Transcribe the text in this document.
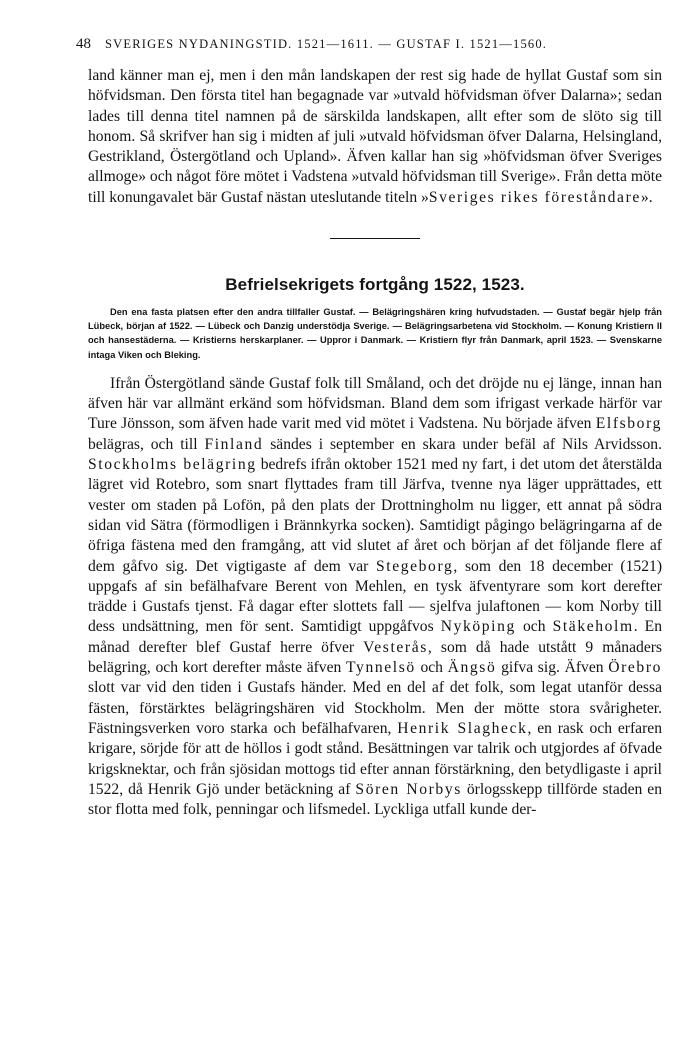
48 SVERIGES NYDANINGSTID. 1521—1611. — GUSTAF I. 1521—1560.

land känner man ej, men i den mån landskapen der rest sig hade de hyllat Gustaf som sin höfvidsman. Den första titel han begagnade var »utvald höfvidsman öfver Dalarna»; sedan lades till denna titel namnen på de särskilda landskapen, allt efter som de slöto sig till honom. Så skrifver han sig i midten af juli »utvald höfvidsman öfver Dalarna, Helsingland, Gestrikland, Östergötland och Upland». Äfven kallar han sig »höfvidsman öfver Sveriges allmoge» och något före mötet i Vadstena »utvald höfvidsman till Sverige». Från detta möte till konungavalet bär Gustaf nästan uteslutande titeln »Sveriges rikes föreståndare».

Befrielsekrigets fortgång 1522, 1523.

Den ena fasta platsen efter den andra tillfaller Gustaf. — Belägringshären kring hufvudstaden. — Gustaf begär hjelp från Lübeck, början af 1522. — Lübeck och Danzig understödja Sverige. — Belägringsarbetena vid Stockholm. — Konung Kristiern II och hansestäderna. — Kristierns herskarplaner. — Uppror i Danmark. — Kristiern flyr från Danmark, april 1523. — Svenskarne intaga Viken och Bleking.

Ifrån Östergötland sände Gustaf folk till Småland, och det dröjde nu ej länge, innan han äfven här var allmänt erkänd som höfvidsman. Bland dem som ifrigast verkade härför var Ture Jönsson, som äfven hade varit med vid mötet i Vadstena. Nu började äfven Elfsborg belägras, och till Finland sändes i september en skara under befäl af Nils Arvidsson. Stockholms belägring bedrefs ifrån oktober 1521 med ny fart, i det utom det återstälda lägret vid Rotebro, som snart flyttades fram till Järfva, tvenne nya läger upprättades, ett vester om staden på Lofön, på den plats der Drottningholm nu ligger, ett annat på södra sidan vid Sätra (förmodligen i Brännkyrka socken). Samtidigt pågingo belägringarna af de öfriga fästena med den framgång, att vid slutet af året och början af det följande flere af dem gåfvo sig. Det vigtigaste af dem var Stegeborg, som den 18 december (1521) uppgafs af sin befälhafvare Berent von Mehlen, en tysk äfventyrare som kort derefter trädde i Gustafs tjenst. Få dagar efter slottets fall — sjelfva julaftonen — kom Norby till dess undsättning, men för sent. Samtidigt uppgåfvos Nyköping och Stäkeholm. En månad derefter blef Gustaf herre öfver Vesterås, som då hade utstått 9 månaders belägring, och kort derefter måste äfven Tynnelsö och Ängsö gifva sig. Äfven Örebro slott var vid den tiden i Gustafs händer. Med en del af det folk, som legat utanför dessa fästen, förstärktes belägringshären vid Stockholm. Men der mötte stora svårigheter. Fästningsverken voro starka och befälhafvaren, Henrik Slagheck, en rask och erfaren krigare, sörjde för att de höllos i godt stånd. Besättningen var talrik och utgjordes af öfvade krigsknektar, och från sjösidan mottogs tid efter annan förstärkning, den betydligaste i april 1522, då Henrik Gjö under betäckning af Sören Norbys örlogsskepp tillförde staden en stor flotta med folk, penningar och lifsmedel. Lyckliga utfall kunde der-
